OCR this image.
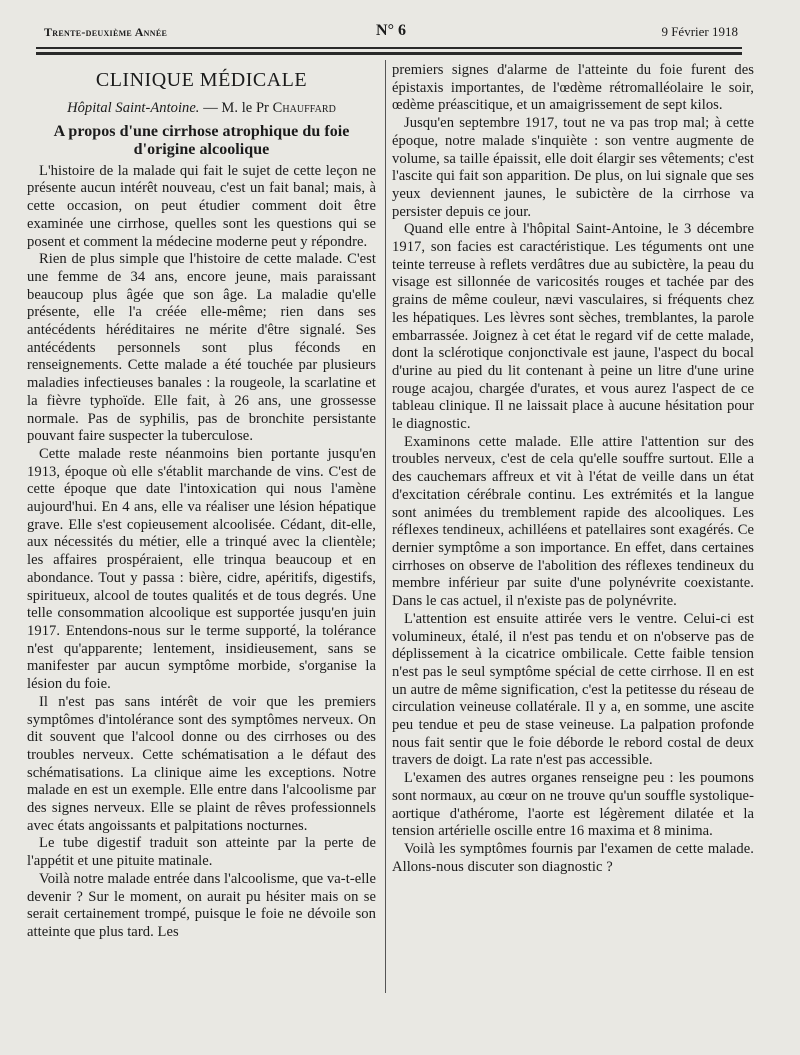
Trente-deuxième Année	N° 6	9 Février 1918
CLINIQUE MÉDICALE
Hôpital Saint-Antoine. — M. le Pr Chauffard
A propos d'une cirrhose atrophique du foie d'origine alcoolique

L'histoire de la malade qui fait le sujet de cette leçon ne présente aucun intérêt nouveau, c'est un fait banal; mais, à cette occasion, on peut étudier comment doit être examinée une cirrhose, quelles sont les questions qui se posent et comment la médecine moderne peut y répondre.

Rien de plus simple que l'histoire de cette malade. C'est une femme de 34 ans, encore jeune, mais paraissant beaucoup plus âgée que son âge. La maladie qu'elle présente, elle l'a créée elle-même; rien dans ses antécédents héréditaires ne mérite d'être signalé. Ses antécédents personnels sont plus féconds en renseignements. Cette malade a été touchée par plusieurs maladies infectieuses banales : la rougeole, la scarlatine et la fièvre typhoïde. Elle fait, à 26 ans, une grossesse normale. Pas de syphilis, pas de bronchite persistante pouvant faire suspecter la tuberculose.

Cette malade reste néanmoins bien portante jusqu'en 1913, époque où elle s'établit marchande de vins. C'est de cette époque que date l'intoxication qui nous l'amène aujourd'hui. En 4 ans, elle va réaliser une lésion hépatique grave. Elle s'est copieusement alcoolisée. Cédant, dit-elle, aux nécessités du métier, elle a trinqué avec la clientèle; les affaires prospéraient, elle trinqua beaucoup et en abondance. Tout y passa : bière, cidre, apéritifs, digestifs, spiritueux, alcool de toutes qualités et de tous degrés. Une telle consommation alcoolique est supportée jusqu'en juin 1917. Entendons-nous sur le terme supporté, la tolérance n'est qu'apparente; lentement, insidieusement, sans se manifester par aucun symptôme morbide, s'organise la lésion du foie.

Il n'est pas sans intérêt de voir que les premiers symptômes d'intolérance sont des symptômes nerveux. On dit souvent que l'alcool donne ou des cirrhoses ou des troubles nerveux. Cette schématisation a le défaut des schématisations. La clinique aime les exceptions. Notre malade en est un exemple. Elle entre dans l'alcoolisme par des signes nerveux. Elle se plaint de rêves professionnels avec états angoissants et palpitations nocturnes.

Le tube digestif traduit son atteinte par la perte de l'appétit et une pituite matinale.

Voilà notre malade entrée dans l'alcoolisme, que va-t-elle devenir ? Sur le moment, on aurait pu hésiter mais on se serait certainement trompé, puisque le foie ne dévoile son atteinte que plus tard. Les

premiers signes d'alarme de l'atteinte du foie furent des épistaxis importantes, de l'œdème rétromalléolaire le soir, œdème préascitique, et un amaigrissement de sept kilos.

Jusqu'en septembre 1917, tout ne va pas trop mal; à cette époque, notre malade s'inquiète : son ventre augmente de volume, sa taille épaissit, elle doit élargir ses vêtements; c'est l'ascite qui fait son apparition. De plus, on lui signale que ses yeux deviennent jaunes, le subictère de la cirrhose va persister depuis ce jour.

Quand elle entre à l'hôpital Saint-Antoine, le 3 décembre 1917, son facies est caractéristique. Les téguments ont une teinte terreuse à reflets verdâtres due au subictère, la peau du visage est sillonnée de varicosités rouges et tachée par des grains de même couleur, nævi vasculaires, si fréquents chez les hépatiques. Les lèvres sont sèches, tremblantes, la parole embarrassée. Joignez à cet état le regard vif de cette malade, dont la sclérotique conjonctivale est jaune, l'aspect du bocal d'urine au pied du lit contenant à peine un litre d'une urine rouge acajou, chargée d'urates, et vous aurez l'aspect de ce tableau clinique. Il ne laissait place à aucune hésitation pour le diagnostic.

Examinons cette malade. Elle attire l'attention sur des troubles nerveux, c'est de cela qu'elle souffre surtout. Elle a des cauchemars affreux et vit à l'état de veille dans un état d'excitation cérébrale continu. Les extrémités et la langue sont animées du tremblement rapide des alcooliques. Les réflexes tendineux, achilléens et patellaires sont exagérés. Ce dernier symptôme a son importance. En effet, dans certaines cirrhoses on observe de l'abolition des réflexes tendineux du membre inférieur par suite d'une polynévrite coexistante. Dans le cas actuel, il n'existe pas de polynévrite.

L'attention est ensuite attirée vers le ventre. Celui-ci est volumineux, étalé, il n'est pas tendu et on n'observe pas de déplissement à la cicatrice ombilicale. Cette faible tension n'est pas le seul symptôme spécial de cette cirrhose. Il en est un autre de même signification, c'est la petitesse du réseau de circulation veineuse collatérale. Il y a, en somme, une ascite peu tendue et peu de stase veineuse. La palpation profonde nous fait sentir que le foie déborde le rebord costal de deux travers de doigt. La rate n'est pas accessible.

L'examen des autres organes renseigne peu : les poumons sont normaux, au cœur on ne trouve qu'un souffle systolique-aortique d'athérome, l'aorte est légèrement dilatée et la tension artérielle oscille entre 16 maxima et 8 minima.

Voilà les symptômes fournis par l'examen de cette malade. Allons-nous discuter son diagnostic ?
